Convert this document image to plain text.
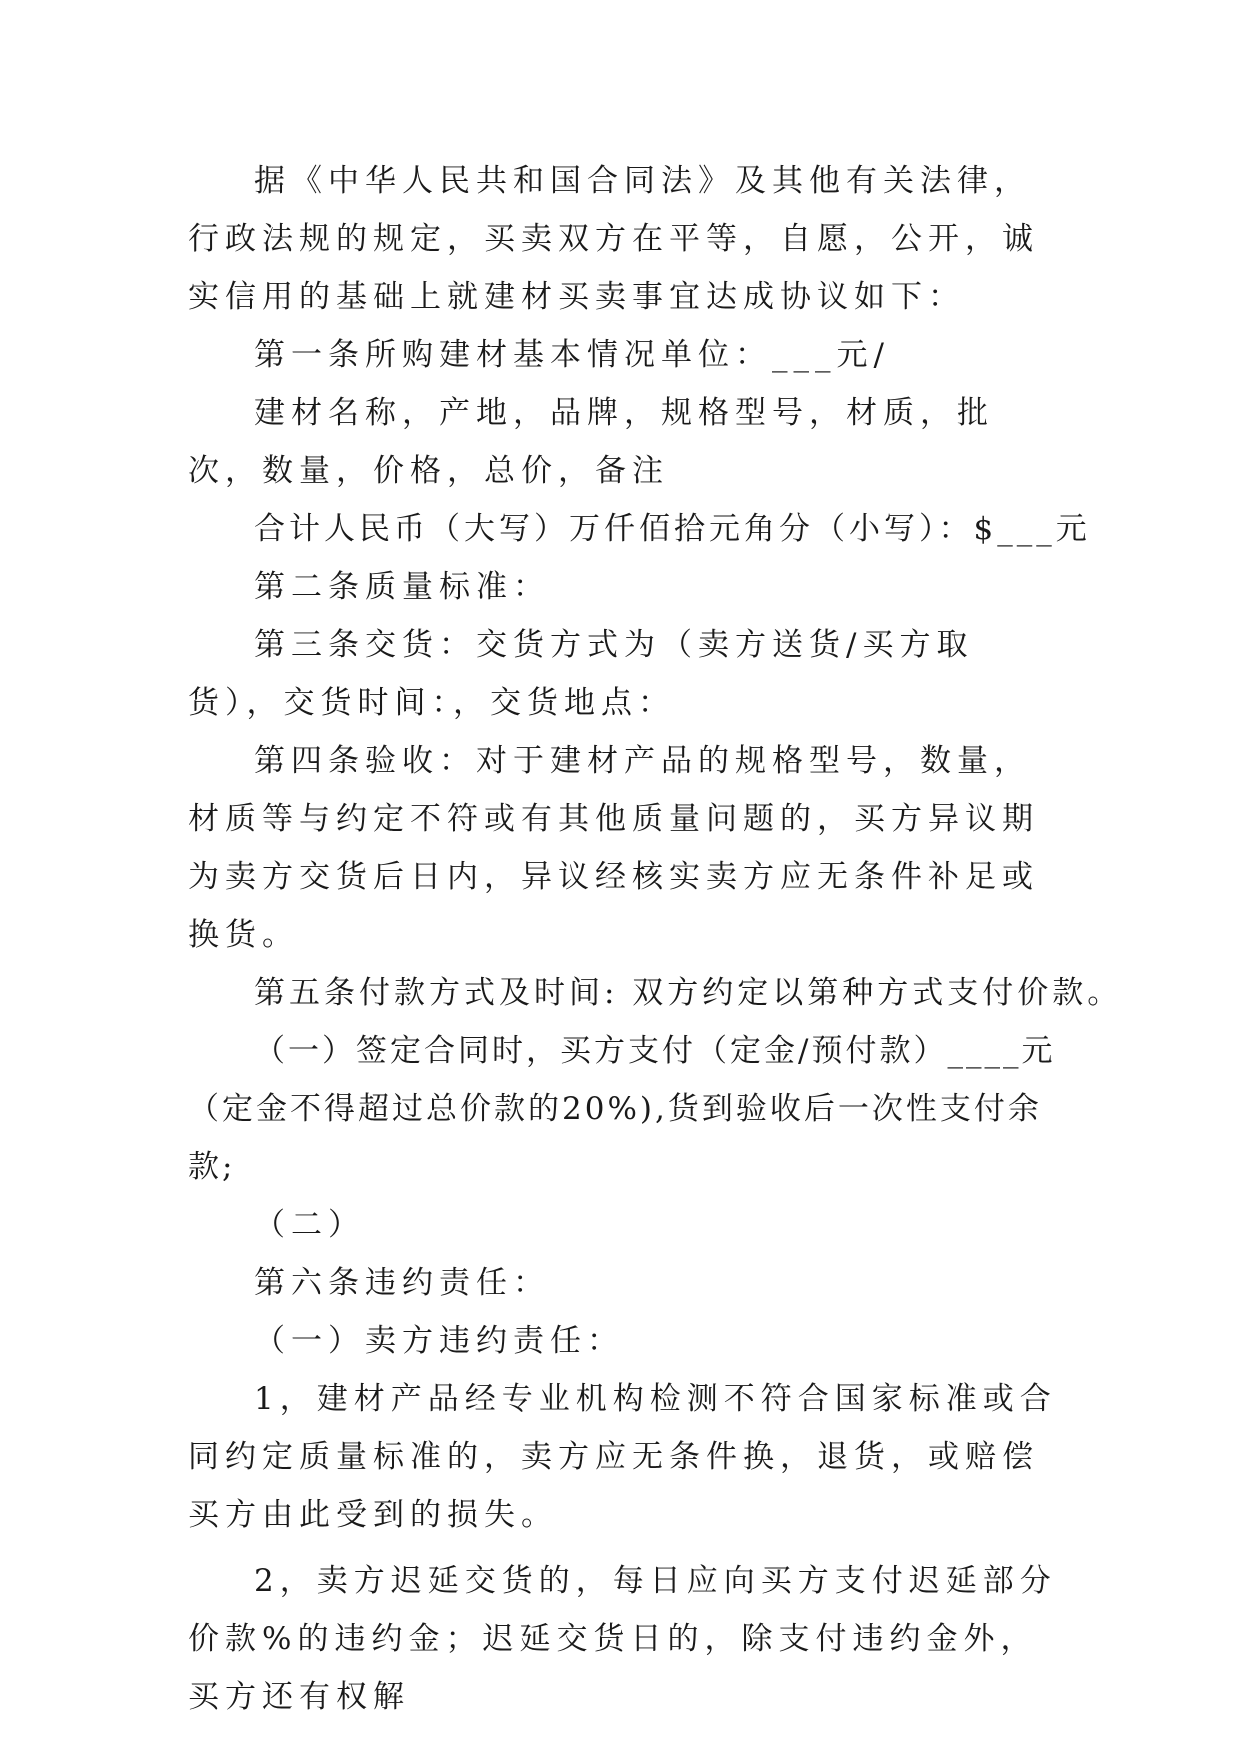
据《中华人民共和国合同法》及其他有关法律，行政法规的规定，买卖双方在平等，自愿，公开，诚实信用的基础上就建材买卖事宜达成协议如下：

第一条所购建材基本情况单位：___元/

建材名称，产地，品牌，规格型号，材质，批次，数量，价格，总价，备注

合计人民币（大写）万仟佰拾元角分（小写）：$___元

第二条质量标准：

第三条交货：交货方式为（卖方送货/买方取货），交货时间：，交货地点：

第四条验收：对于建材产品的规格型号，数量，材质等与约定不符或有其他质量问题的，买方异议期为卖方交货后日内，异议经核实卖方应无条件补足或换货。

第五条付款方式及时间: 双方约定以第种方式支付价款。

（一）签定合同时，买方支付（定金/预付款）____元（定金不得超过总价款的20%),货到验收后一次性支付余款;

（二）

第六条违约责任：

（一）卖方违约责任：

1，建材产品经专业机构检测不符合国家标准或合同约定质量标准的，卖方应无条件换，退货，或赔偿买方由此受到的损失。

2，卖方迟延交货的，每日应向买方支付迟延部分价款%的违约金；迟延交货日的，除支付违约金外，买方还有权解
